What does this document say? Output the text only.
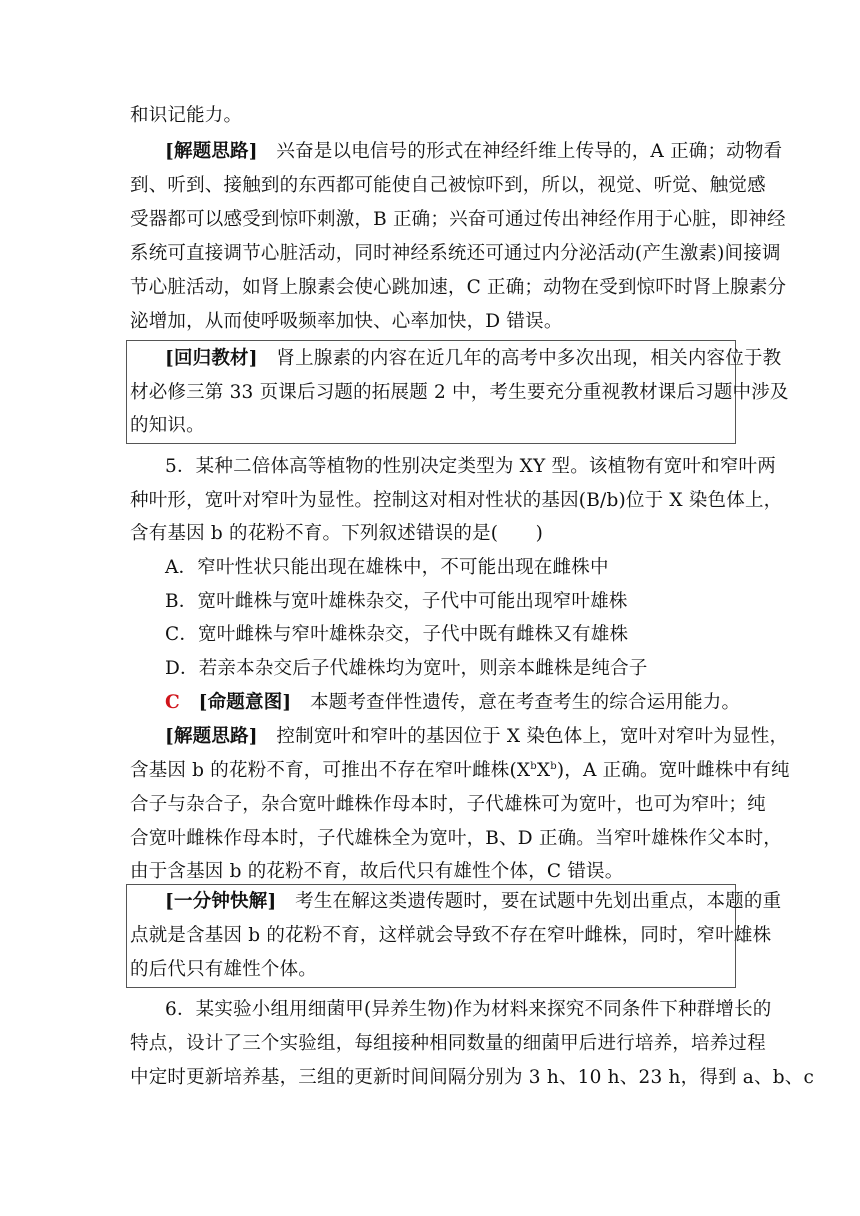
和识记能力。
[解题思路]　 兴奋是以电信号的形式在神经纤维上传导的，A 正确；动物看
到、听到、接触到的东西都可能使自己被惊吓到，所以，视觉、听觉、触觉感
受器都可以感受到惊吓刺激，B 正确；兴奋可通过传出神经作用于心脏，即神经
系统可直接调节心脏活动，同时神经系统还可通过内分泌活动(产生激素)间接调
节心脏活动，如肾上腺素会使心跳加速，C 正确；动物在受到惊吓时肾上腺素分
泌增加，从而使呼吸频率加快、心率加快，D 错误。
[回归教材]　 肾上腺素的内容在近几年的高考中多次出现，相关内容位于教
材必修三第 33 页课后习题的拓展题 2 中，考生要充分重视教材课后习题中涉及
的知识。
5．某种二倍体高等植物的性别决定类型为 XY 型。该植物有宽叶和窄叶两
种叶形，宽叶对窄叶为显性。控制这对相对性状的基因(B/b)位于 X 染色体上，
含有基因 b 的花粉不育。下列叙述错误的是(　　)
A．窄叶性状只能出现在雄株中，不可能出现在雌株中
B．宽叶雌株与宽叶雄株杂交，子代中可能出现窄叶雄株
C．宽叶雌株与窄叶雄株杂交，子代中既有雌株又有雄株
D．若亲本杂交后子代雄株均为宽叶，则亲本雌株是纯合子
C　 [命题意图]　 本题考查伴性遗传，意在考查考生的综合运用能力。
[解题思路]　 控制宽叶和窄叶的基因位于 X 染色体上，宽叶对窄叶为显性，
含基因 b 的花粉不育，可推出不存在窄叶雌株$(X^bX^b)$，A 正确。宽叶雌株中有纯
合子与杂合子，杂合宽叶雌株作母本时，子代雄株可为宽叶，也可为窄叶；纯
合宽叶雌株作母本时，子代雄株全为宽叶，B、D 正确。当窄叶雄株作父本时，
由于含基因 b 的花粉不育，故后代只有雄性个体，C 错误。
[一分钟快解]　 考生在解这类遗传题时，要在试题中先划出重点，本题的重
点就是含基因 b 的花粉不育，这样就会导致不存在窄叶雌株，同时，窄叶雄株
的后代只有雄性个体。
6．某实验小组用细菌甲(异养生物)作为材料来探究不同条件下种群增长的
特点，设计了三个实验组，每组接种相同数量的细菌甲后进行培养，培养过程
中定时更新培养基，三组的更新时间间隔分别为 3 h、10 h、23 h，得到 a、b、c
